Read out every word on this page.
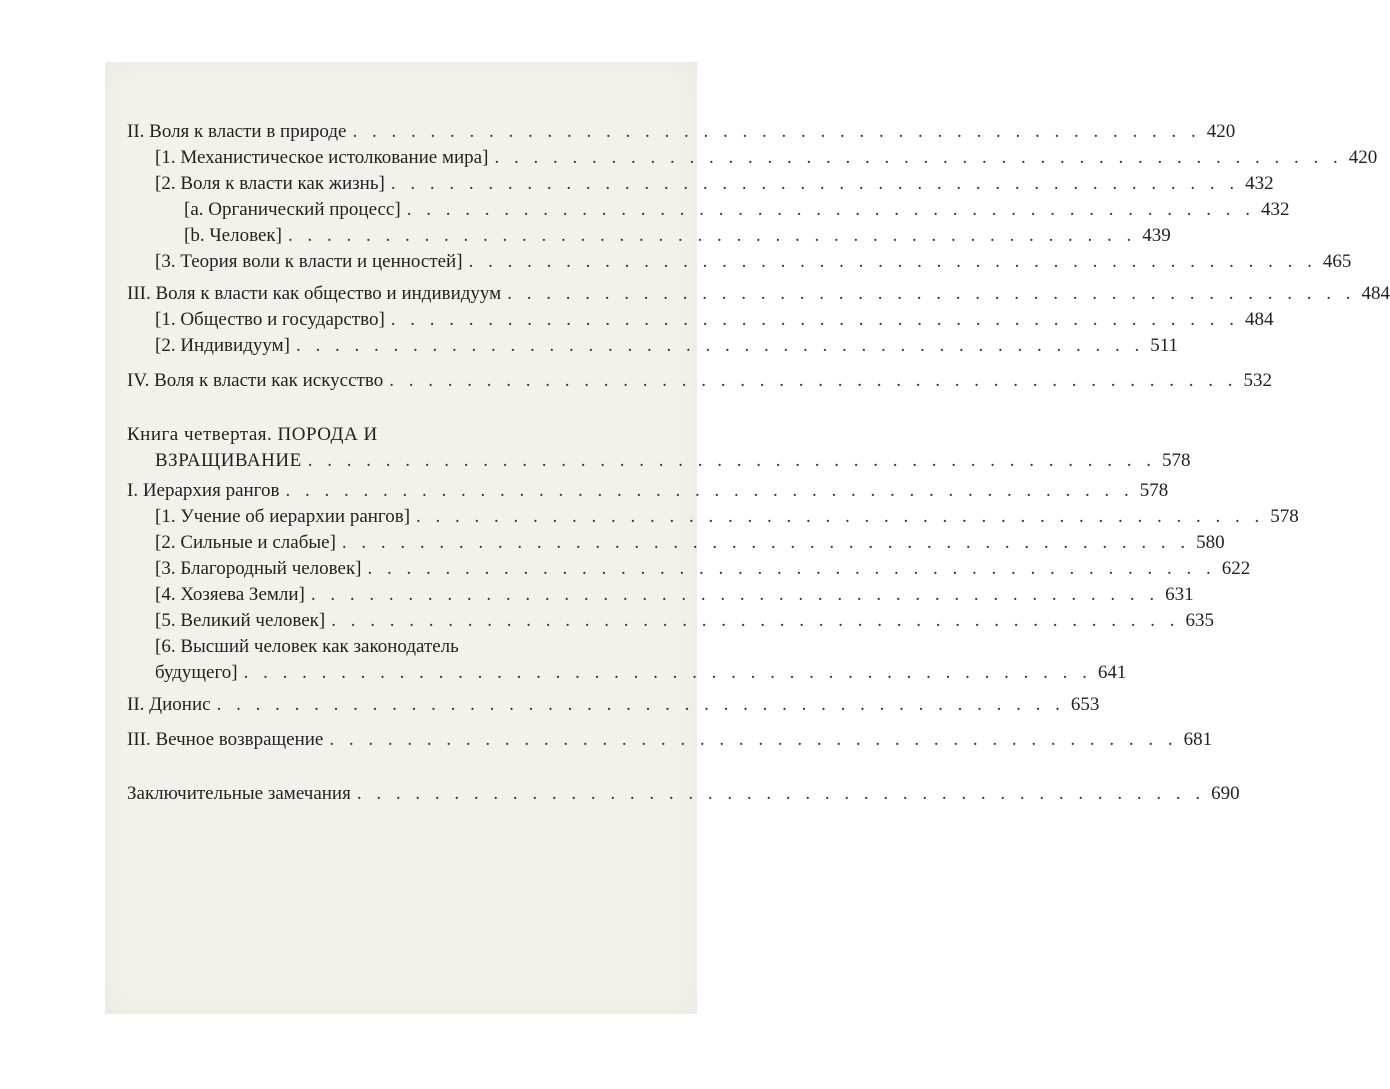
II. Воля к власти в природе . . . . . . . . . . . . . . . . . . . . . . . . . . . . . . . . . . . . . . . . . . . . 420
[1. Механистическое истолкование мира] . . . . . . . . . . . . . . . . . . . . . . . . . . . . . . . . . . . . . . . . . . . . 420
[2. Воля к власти как жизнь] . . . . . . . . . . . . . . . . . . . . . . . . . . . . . . . . . . . . . . . . . . . . 432
[a. Органический процесс] . . . . . . . . . . . . . . . . . . . . . . . . . . . . . . . . . . . . . . . . . . . . 432
[b. Человек] . . . . . . . . . . . . . . . . . . . . . . . . . . . . . . . . . . . . . . . . . . . . 439
[3. Теория воли к власти и ценностей] . . . . . . . . . . . . . . . . . . . . . . . . . . . . . . . . . . . . . . . . . . . . 465
III. Воля к власти как общество и индивидуум . . . . . . . . . . . . . . . . . . . . . . . . . . . . . . . . . . . . . . . . . . . . 484
[1. Общество и государство] . . . . . . . . . . . . . . . . . . . . . . . . . . . . . . . . . . . . . . . . . . . . 484
[2. Индивидуум] . . . . . . . . . . . . . . . . . . . . . . . . . . . . . . . . . . . . . . . . . . . . 511
IV. Воля к власти как искусство . . . . . . . . . . . . . . . . . . . . . . . . . . . . . . . . . . . . . . . . . . . . 532
Книга четвертая. ПОРОДА И
ВЗРАЩИВАНИЕ . . . . . . . . . . . . . . . . . . . . . . . . . . . . . . . . . . . . . . . . . . . . 578
I. Иерархия рангов . . . . . . . . . . . . . . . . . . . . . . . . . . . . . . . . . . . . . . . . . . . . 578
[1. Учение об иерархии рангов] . . . . . . . . . . . . . . . . . . . . . . . . . . . . . . . . . . . . . . . . . . . . 578
[2. Сильные и слабые] . . . . . . . . . . . . . . . . . . . . . . . . . . . . . . . . . . . . . . . . . . . . 580
[3. Благородный человек] . . . . . . . . . . . . . . . . . . . . . . . . . . . . . . . . . . . . . . . . . . . . 622
[4. Хозяева Земли] . . . . . . . . . . . . . . . . . . . . . . . . . . . . . . . . . . . . . . . . . . . . 631
[5. Великий человек] . . . . . . . . . . . . . . . . . . . . . . . . . . . . . . . . . . . . . . . . . . . . 635
[6. Высший человек как законодатель
будущего] . . . . . . . . . . . . . . . . . . . . . . . . . . . . . . . . . . . . . . . . . . . . 641
II. Дионис . . . . . . . . . . . . . . . . . . . . . . . . . . . . . . . . . . . . . . . . . . . . 653
III. Вечное возвращение . . . . . . . . . . . . . . . . . . . . . . . . . . . . . . . . . . . . . . . . . . . . 681
Заключительные замечания . . . . . . . . . . . . . . . . . . . . . . . . . . . . . . . . . . . . . . . . . . . . 690
